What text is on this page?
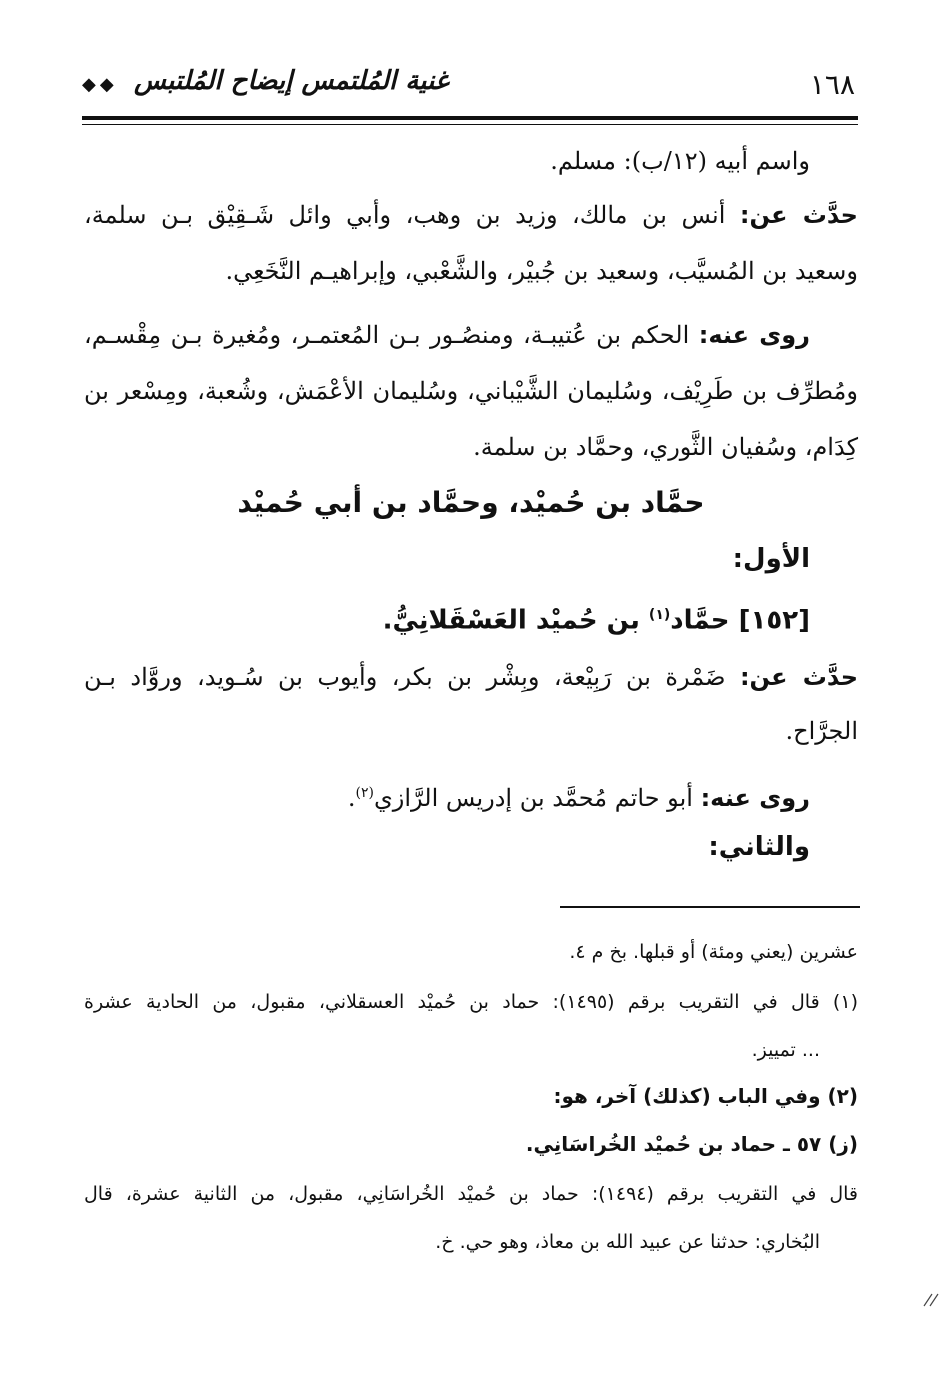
١٦٨
غنية المُلتمس إيضاح المُلتبس
◆◆
واسم أبيه (١٢/ب): مسلم.
حدَّث عن: أنس بن مالك، وزيد بن وهب، وأبي وائل شَـقِيْق بـن سلمة،
وسعيد بن المُسيَّب، وسعيد بن جُبيْر، والشَّعْبي، وإبراهيـم النَّخَعِي.
روى عنه: الحكم بن عُتيبـة، ومنصُـور بـن المُعتمـر، ومُغيرة بـن مِقْسـم،
ومُطرِّف بن طَرِيْف، وسُليمان الشَّيْباني، وسُليمان الأعْمَش، وشُعبة، ومِسْعر بن
كِدَام، وسُفيان الثَّوري، وحمَّاد بن سلمة.
حمَّاد بن حُميْد، وحمَّاد بن أبي حُميْد
الأول:
[١٥٢] حمَّاد$^{(١)}$ بن حُميْد العَسْقَلانِيُّ.
حدَّث عن: ضَمْرة بن رَبِيْعة، وبِشْر بن بكر، وأيوب بن سُـويد، وروَّاد بـن
الجرَّاح.
روى عنه: أبو حاتم مُحمَّد بن إدريس الرَّازي$^{(٢)}$.
والثاني:
عشرين (يعني ومئة) أو قبلها. بخ م ٤.
(١) قال في التقريب برقم (١٤٩٥): حماد بن حُميْد العسقلاني، مقبول، من الحادية عشرة
... تمييز.
(٢) وفي الباب (كذلك) آخر، هو:
(ز) ٥٧ ـ حماد بن حُميْد الخُراسَانِي.
قال في التقريب برقم (١٤٩٤): حماد بن حُميْد الخُراسَانِي، مقبول، من الثانية عشرة، قال
البُخاري: حدثنا عن عبيد الله بن معاذ، وهو حي. خ.
